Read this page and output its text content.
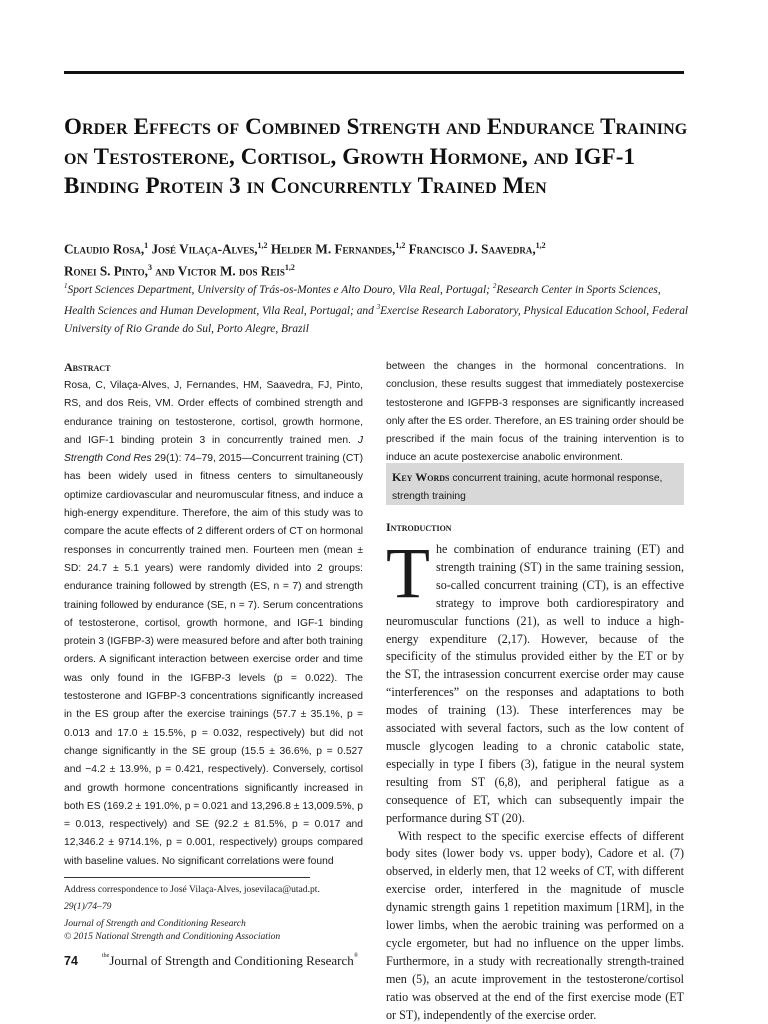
Order Effects of Combined Strength and Endurance Training on Testosterone, Cortisol, Growth Hormone, and IGF-1 Binding Protein 3 in Concurrently Trained Men
Claudio Rosa,$^1$ José Vilaça-Alves,$^{1,2}$ Helder M. Fernandes,$^{1,2}$ Francisco J. Saavedra,$^{1,2}$
Ronei S. Pinto,$^3$ and Victor M. dos Reis$^{1,2}$
$^1$Sport Sciences Department, University of Trás-os-Montes e Alto Douro, Vila Real, Portugal; $^2$Research Center in Sports Sciences, Health Sciences and Human Development, Vila Real, Portugal; and $^3$Exercise Research Laboratory, Physical Education School, Federal University of Rio Grande do Sul, Porto Alegre, Brazil
Abstract

Rosa, C, Vilaça-Alves, J, Fernandes, HM, Saavedra, FJ, Pinto, RS, and dos Reis, VM. Order effects of combined strength and endurance training on testosterone, cortisol, growth hormone, and IGF-1 binding protein 3 in concurrently trained men. J Strength Cond Res 29(1): 74–79, 2015—Concurrent training (CT) has been widely used in fitness centers to simultaneously optimize cardiovascular and neuromuscular fitness, and induce a high-energy expenditure. Therefore, the aim of this study was to compare the acute effects of 2 different orders of CT on hormonal responses in concurrently trained men. Fourteen men (mean ± SD: 24.7 ± 5.1 years) were randomly divided into 2 groups: endurance training followed by strength (ES, n = 7) and strength training followed by endurance (SE, n = 7). Serum concentrations of testosterone, cortisol, growth hormone, and IGF-1 binding protein 3 (IGFBP-3) were measured before and after both training orders. A significant interaction between exercise order and time was only found in the IGFBP-3 levels (p = 0.022). The testosterone and IGFBP-3 concentrations significantly increased in the ES group after the exercise trainings (57.7 ± 35.1%, p = 0.013 and 17.0 ± 15.5%, p = 0.032, respectively) but did not change significantly in the SE group (15.5 ± 36.6%, p = 0.527 and −4.2 ± 13.9%, p = 0.421, respectively). Conversely, cortisol and growth hormone concentrations significantly increased in both ES (169.2 ± 191.0%, p = 0.021 and 13,296.8 ± 13,009.5%, p = 0.013, respectively) and SE (92.2 ± 81.5%, p = 0.017 and 12,346.2 ± 9714.1%, p = 0.001, respectively) groups compared with baseline values. No significant correlations were found

between the changes in the hormonal concentrations. In conclusion, these results suggest that immediately postexercise testosterone and IGFPB-3 responses are significantly increased only after the ES order. Therefore, an ES training order should be prescribed if the main focus of the training intervention is to induce an acute postexercise anabolic environment.

Key Words concurrent training, acute hormonal response, strength training
Introduction

The combination of endurance training (ET) and strength training (ST) in the same training session, so-called concurrent training (CT), is an effective strategy to improve both cardiorespiratory and neuromuscular functions (21), as well to induce a high-energy expenditure (2,17). However, because of the specificity of the stimulus provided either by the ET or by the ST, the intrasession concurrent exercise order may cause “interferences” on the responses and adaptations to both modes of training (13). These interferences may be associated with several factors, such as the low content of muscle glycogen leading to a chronic catabolic state, especially in type I fibers (3), fatigue in the neural system resulting from ST (6,8), and peripheral fatigue as a consequence of ET, which can subsequently impair the performance during ST (20).

With respect to the specific exercise effects of different body sites (lower body vs. upper body), Cadore et al. (7) observed, in elderly men, that 12 weeks of CT, with different exercise order, interfered in the magnitude of muscle dynamic strength gains 1 repetition maximum [1RM], in the lower limbs, when the aerobic training was performed on a cycle ergometer, but had no influence on the upper limbs. Furthermore, in a study with recreationally strength-trained men (5), an acute improvement in the testosterone/cortisol ratio was observed at the end of the first exercise mode (ET or ST), independently of the exercise order.

Address correspondence to José Vilaça-Alves, josevilaca@utad.pt.
29(1)/74–79
Journal of Strength and Conditioning Research
© 2015 National Strength and Conditioning Association
74	$^{the}$Journal of Strength and Conditioning Research®
